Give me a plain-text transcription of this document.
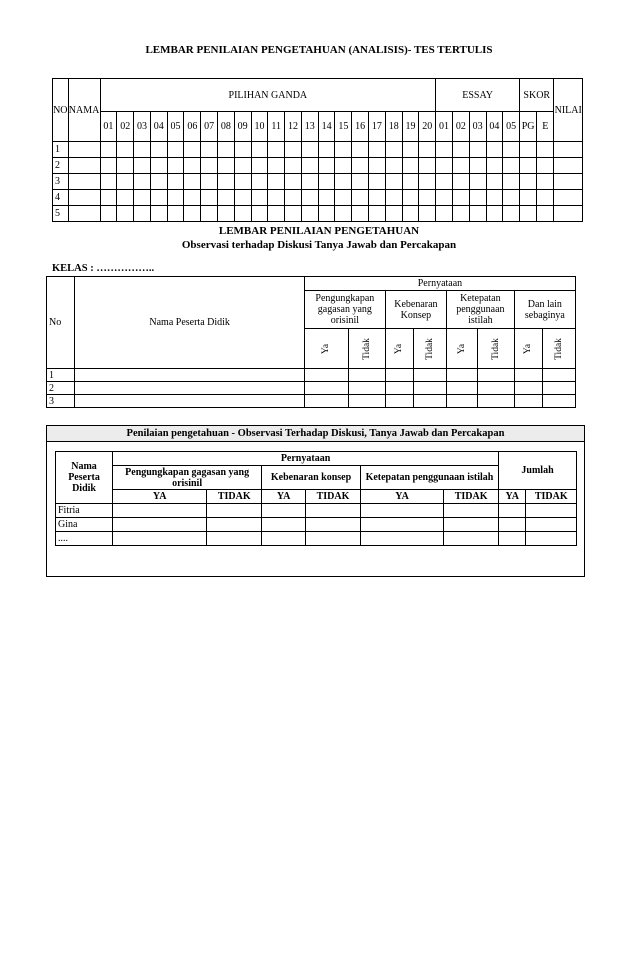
LEMBAR PENILAIAN PENGETAHUAN (ANALISIS)- TES TERTULIS
NO	NAMA	PILIHAN GANDA																				ESSAY					SKOR		NILAI
		01	02	03	04	05	06	07	08	09	10	11	12	13	14	15	16	17	18	19	20	01	02	03	04	05	PG	E	
1																													
2																													
3																													
4																													
5																													
LEMBAR PENILAIAN PENGETAHUAN
Observasi terhadap Diskusi Tanya Jawab dan Percakapan
KELAS : ……………..
No	Nama Peserta Didik	Pernyataan							
		Pengungkapan gagasan yang orisinil		Kebenaran Konsep		Ketepatan penggunaan istilah		Dan lain sebaginya	
		Ya	Tidak	Ya	Tidak	Ya	Tidak	Ya	Tidak
1									
2									
3									
Penilaian pengetahuan - Observasi Terhadap Diskusi, Tanya Jawab dan Percakapan
Nama Peserta Didik	Pernyataan						Jumlah	
	Pengungkapan gagasan yang orisinil		Kebenaran konsep		Ketepatan penggunaan istilah			
	YA	TIDAK	YA	TIDAK	YA	TIDAK	YA	TIDAK
Fitria								
Gina								
....								
